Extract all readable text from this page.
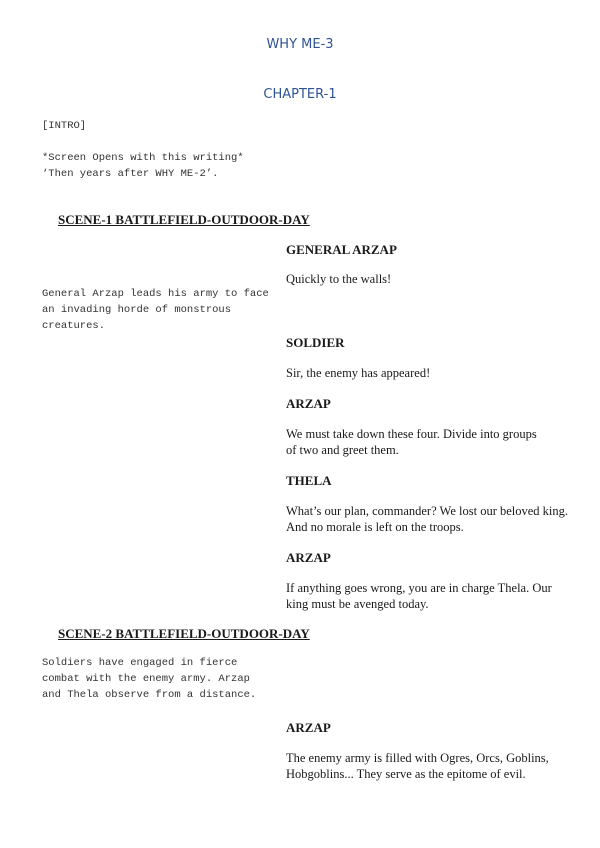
WHY ME-3

CHAPTER-1

[INTRO]

*Screen Opens with this writing* ‘Then years after WHY ME-2’.

SCENE-1 BATTLEFIELD-OUTDOOR-DAY

GENERAL ARZAP

Quickly to the walls!

General Arzap leads his army to face an invading horde of monstrous creatures.

SOLDIER

Sir, the enemy has appeared!

ARZAP

We must take down these four. Divide into groups of two and greet them.

THELA

What’s our plan, commander? We lost our beloved king. And no morale is left on the troops.

ARZAP

If anything goes wrong, you are in charge Thela. Our king must be avenged today.

SCENE-2 BATTLEFIELD-OUTDOOR-DAY

Soldiers have engaged in fierce combat with the enemy army. Arzap and Thela observe from a distance.

ARZAP

The enemy army is filled with Ogres, Orcs, Goblins, Hobgoblins... They serve as the epitome of evil.
